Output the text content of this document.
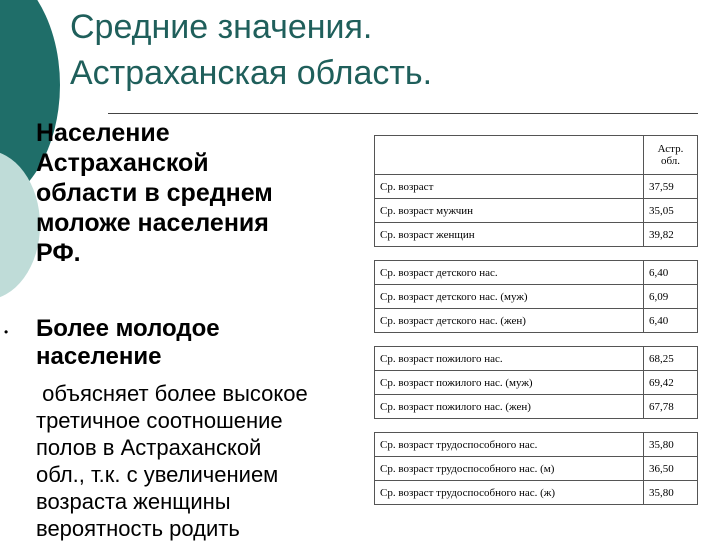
Средние значения.
Астраханская область.

Население
Астраханской
области в среднем
моложе населения
РФ.

• Более молодое
население

объясняет более высокое
третичное соотношение
полов в Астраханской
обл., т.к. с увеличением
возраста женщины
вероятность родить

	Астр.
обл.
Ср. возраст	37,59
Ср. возраст мужчин	35,05
Ср. возраст женщин	39,82

Ср. возраст детского нас.	6,40
Ср. возраст детского нас. (муж)	6,09
Ср. возраст детского нас. (жен)	6,40

Ср. возраст пожилого нас.	68,25
Ср. возраст пожилого нас. (муж)	69,42
Ср. возраст пожилого нас. (жен)	67,78

Ср. возраст трудоспособного нас.	35,80
Ср. возраст трудоспособного нас. (м)	36,50
Ср. возраст трудоспособного нас. (ж)	35,80
